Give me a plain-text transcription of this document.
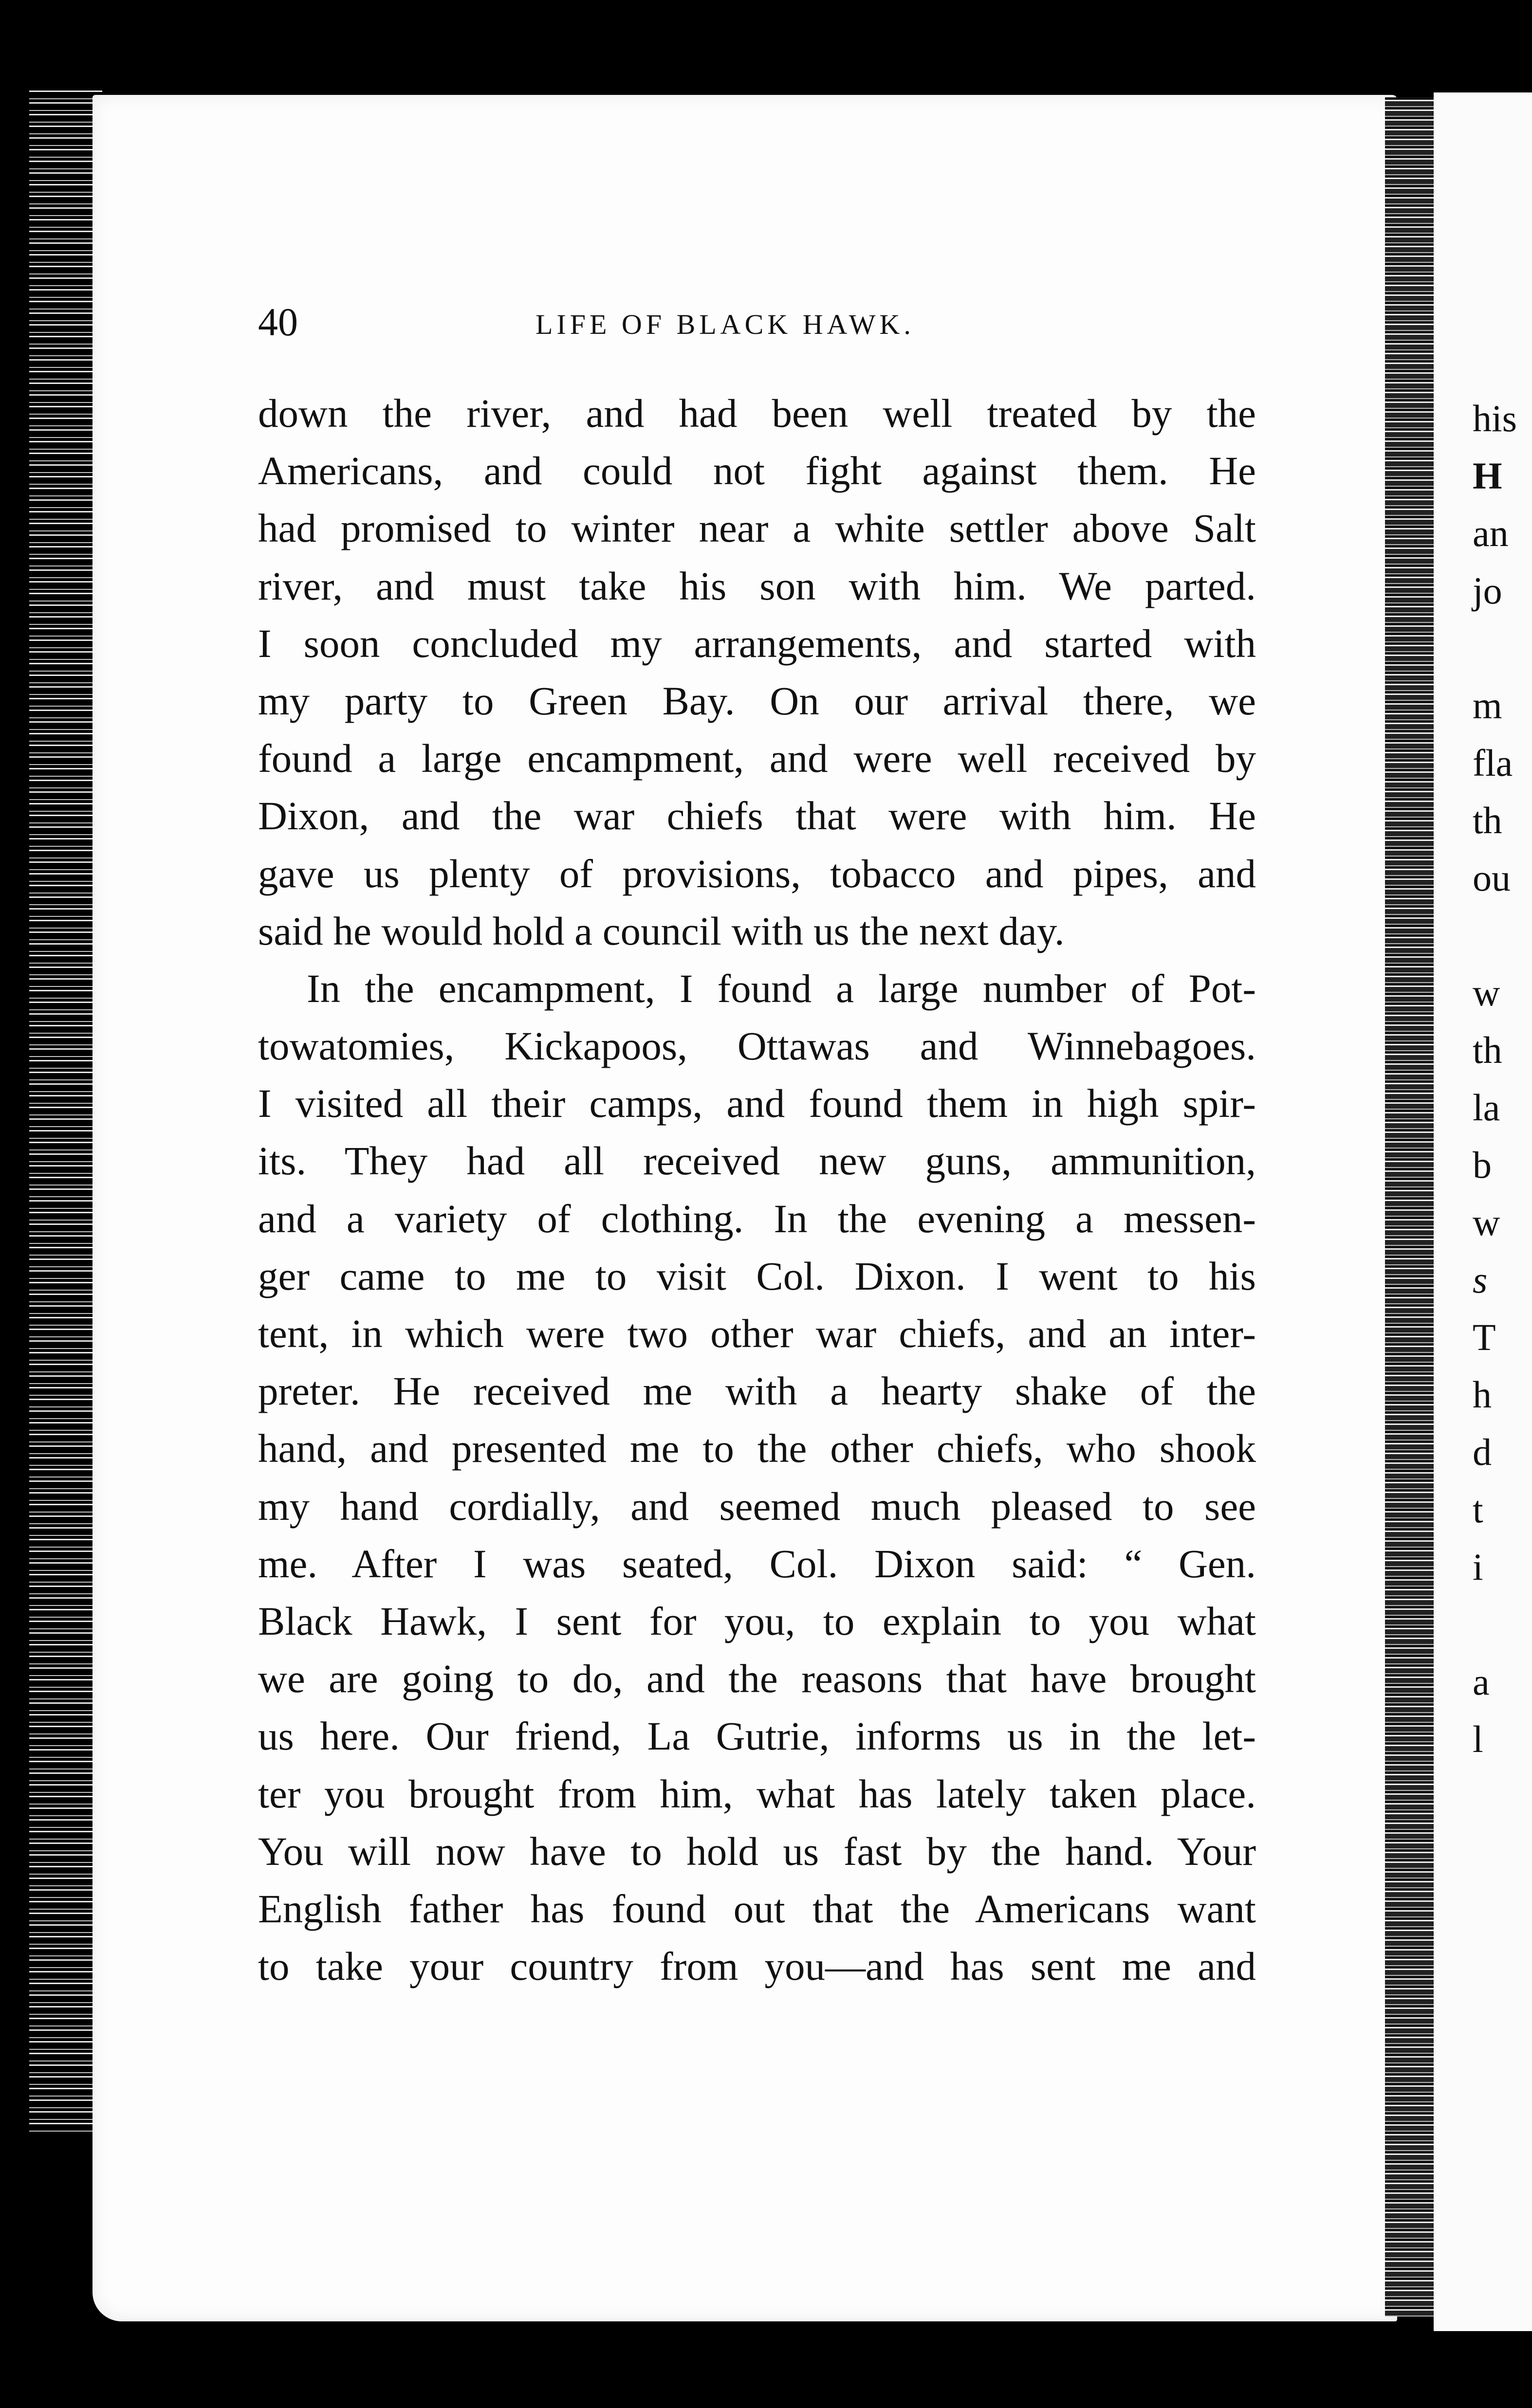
his
H
an
jo
m
fla
th
ou
w
th
la
b
w
s
T
h
d
t
i
a
l
40	LIFE OF BLACK HAWK.
down the river, and had been well treated by the
Americans, and could not fight against them. He
had promised to winter near a white settler above Salt
river, and must take his son with him. We parted.
I soon concluded my arrangements, and started with
my party to Green Bay. On our arrival there, we
found a large encampment, and were well received by
Dixon, and the war chiefs that were with him. He
gave us plenty of provisions, tobacco and pipes, and
said he would hold a council with us the next day.
In the encampment, I found a large number of Pot-
towatomies, Kickapoos, Ottawas and Winnebagoes.
I visited all their camps, and found them in high spir-
its. They had all received new guns, ammunition,
and a variety of clothing. In the evening a messen-
ger came to me to visit Col. Dixon. I went to his
tent, in which were two other war chiefs, and an inter-
preter. He received me with a hearty shake of the
hand, and presented me to the other chiefs, who shook
my hand cordially, and seemed much pleased to see
me. After I was seated, Col. Dixon said: “ Gen.
Black Hawk, I sent for you, to explain to you what
we are going to do, and the reasons that have brought
us here. Our friend, La Gutrie, informs us in the let-
ter you brought from him, what has lately taken place.
You will now have to hold us fast by the hand. Your
English father has found out that the Americans want
to take your country from you—and has sent me and
